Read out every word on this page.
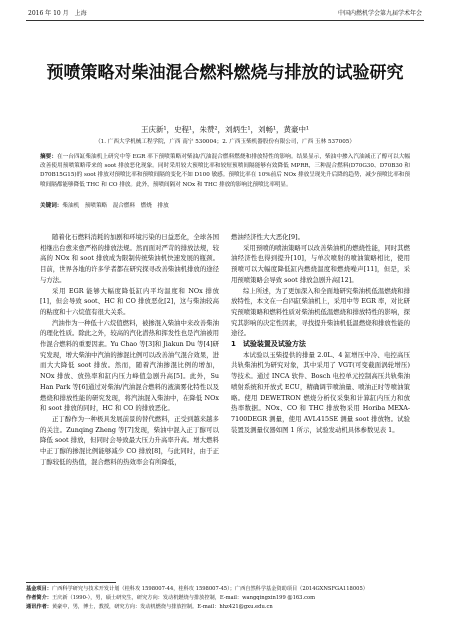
2016 年 10 月　上海	中国内燃机学会第九届学术年会
预喷策略对柴油混合燃料燃烧与排放的试验研究
王庆新¹，史程¹，朱赞²，刘炳生¹，刘畅¹，黄豪中¹
（1. 广西大学机械工程学院，广西 南宁 530004；2. 广西玉柴机器股份有限公司，广西 玉林 537005）
摘要：在一台四缸柴油机上研究中等 EGR 率下预喷策略对柴油/汽油混合燃料燃烧和排放特性的影响。结果显示，柴油中掺入汽油减正了醇可以大幅改善使用预喷策略带来的 soot 排放恶化现象。同时采用较大预喷比率和较短预喷间隔能够有效降低 MPRR，三种混合燃料(D70G30、D70B30 和 D70B15G15)的 soot 排放对预喷比率和预喷间隔的变化不如 D100 敏感。预喷比率在 10%前后 NOx 排放呈现先升后降的趋势，减少预喷比率和预喷间隔都能够降低 THC 和 CO 排放。此外，预喷间隔对 NOx 和 THC 排放的影响比预喷比率明显。
关键词：柴油机　预喷策略　混合燃料　燃烧　排放

随着化石燃料消耗的加剧和环境污染的日益恶化，全球各国相继出台愈来愈严格的排放法规。然而面对严苛的排放法规，较高的 NOx 和 soot 排放成为限制传统柴油机快速发展的瓶颈。目前，世界各地的许多学者都在研究探寻改善柴油机排放的途径与方法。

采用 EGR 能够大幅度降低缸内平均温度和 NOx 排放[1]，但会导致 soot、HC 和 CO 排放恶化[2]，这与柴油较高的粘度和十六烷值有很大关系。

汽油作为一种低十六烷值燃料，被掺混入柴油中来改善柴油的理化性质。除此之外，较高的汽化潜热和挥发性也是汽油被用作混合燃料的重要因素。Yu Chao 等[3]和 Jiakun Du 等[4]研究发现，增大柴油中汽油的掺混比例可以改善油气混合效果，进而大大降低 soot 排放。然而，随着汽油掺混比例的增加，NOx 排放、放热率和缸内压力峰值急剧升高[5]。此外，Su Han Park 等[6]通过对柴油/汽油混合燃料的液滴雾化特性以及燃烧和排放性能的研究发现，将汽油混入柴油中，在降低 NOx 和 soot 排放的同时，HC 和 CO 的排放恶化。

正丁醇作为一种极具发展前景的替代燃料，正受到越来越多的关注。Zunqing Zheng 等[7]发现，柴油中混入正丁醇可以降低 soot 排放，但同时会导致最大压力升高率升高。增大燃料中正丁醇的掺混比例能够减少 CO 排放[8]，与此同时，由于正丁醇较低的热值，混合燃料的热效率会有所降低，

燃油经济性大大恶化[9]。

采用预喷的喷油策略可以改善柴油机的燃烧性能，同时其燃油经济性也得到提升[10]，与单次喷射的喷油策略相比，使用预喷可以大幅度降低缸内燃烧温度和燃烧噪声[11]，但是，采用预喷策略会导致 soot 排放急剧升高[12]。

综上所述，为了更加深入和全面地研究柴油机低温燃烧和排放特性，本文在一台四缸柴油机上，采用中等 EGR 率，对比研究预喷策略和燃料性质对柴油机低温燃烧和排放特性的影响，探究其影响的决定性因素，寻找提升柴油机低温燃烧和排放性能的途径。

1　试验装置及试验方法

本试验以玉柴提供的排量 2.0L、4 缸增压中冷、电控高压共轨柴油机为研究对象，其中采用了 VGT(可变截面涡轮增压)等技术。通过 INCA 软件、Bosch 电控单元控制高压共轨柴油喷射系统和开放式 ECU，精确调节喷油量、喷油正时等喷油策略。使用 DEWETRON 燃烧分析仪采集和计算缸内压力和放热率数据。NOx、CO 和 THC 排放物采用 Horiba MEXA-7100DEGR 测量，使用 AVL415SE 测量 soot 排放物。试验装置及测量仪器如图 1 所示，试验发动机具体参数见表 1。

基金项目：广西科学研究与技术开发计划（桂科攻 1598007-44，桂科攻 1598007-45）；广西自然科学基金资助项目（2014GXNSFGA118005）
作者简介：王庆新（1990-），男，硕士研究生，研究方向：发动机燃烧与排放控制，E-mail：wangqingxin199 @163.com
通讯作者：黄豪中，男，博士，教授，研究方向：发动机燃烧与排放控制。E-mail：hhz421@gxu.edu.cn
